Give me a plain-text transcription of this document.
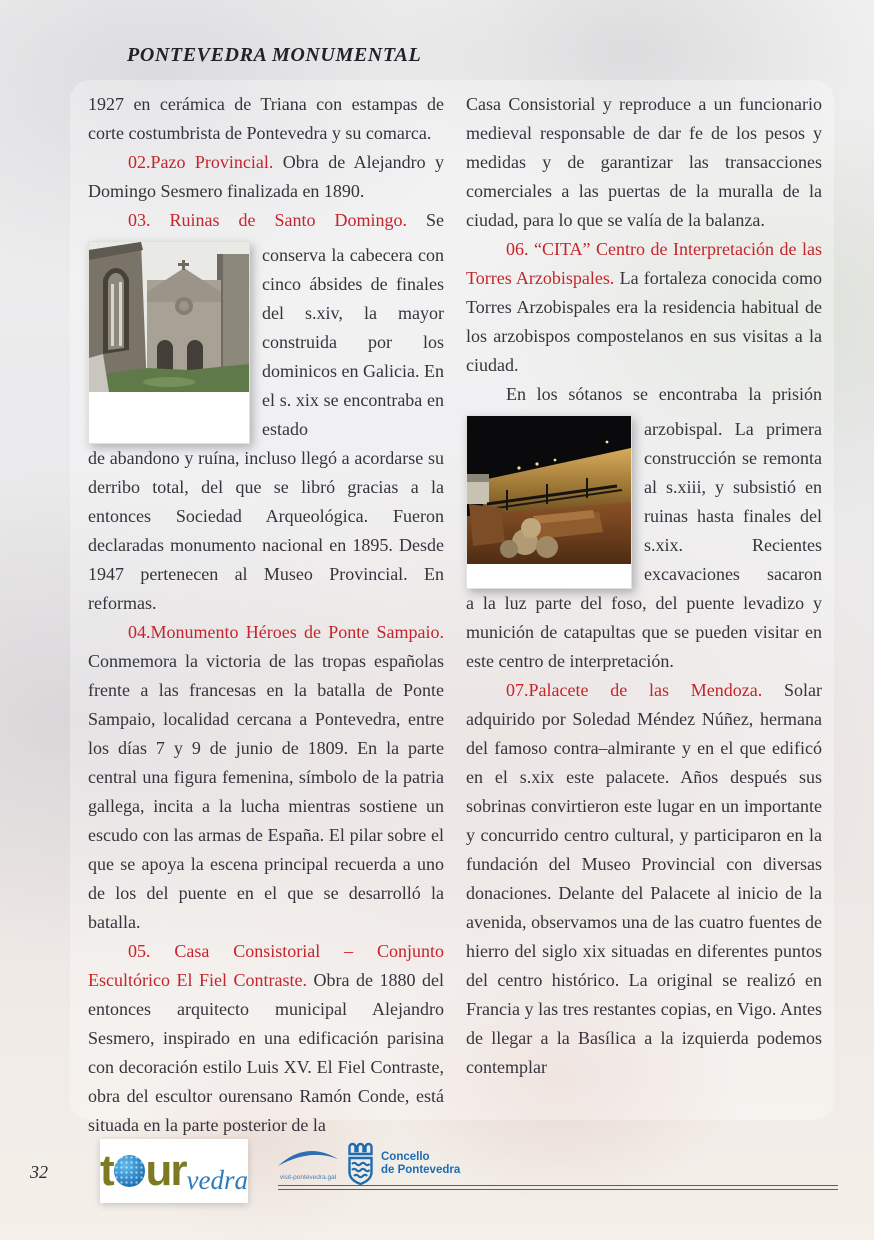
PONTEVEDRA MONUMENTAL

1927 en cerámica de Triana con estampas de corte costumbrista de Pontevedra y su comarca.

02.Pazo Provincial. Obra de Alejandro y Domingo Sesmero finalizada en 1890.

03. Ruinas de Santo Domingo. Se

conserva la cabecera con cinco ábsides de finales del s.xiv, la mayor construida por los dominicos en Galicia. En el s. xix se encontraba en estado

de abandono y ruína, incluso llegó a acordarse su derribo total, del que se libró gracias a la entonces Sociedad Arqueológica. Fueron declaradas monumento nacional en 1895. Desde 1947 pertenecen al Museo Provincial. En reformas.

04.Monumento Héroes de Ponte Sampaio. Conmemora la victoria de las tropas españolas frente a las francesas en la batalla de Ponte Sampaio, localidad cercana a Pontevedra, entre los días 7 y 9 de junio de 1809. En la parte central una figura femenina, símbolo de la patria gallega, incita a la lucha mientras sostiene un escudo con las armas de España. El pilar sobre el que se apoya la escena principal recuerda a uno de los del puente en el que se desarrolló la batalla.

05. Casa Consistorial – Conjunto Escultórico El Fiel Contraste. Obra de 1880 del entonces arquitecto municipal Alejandro Sesmero, inspirado en una edificación parisina con decoración estilo Luis XV. El Fiel Contraste, obra del escultor ourensano Ramón Conde, está situada en la parte posterior de la

Casa Consistorial y reproduce a un funcionario medieval responsable de dar fe de los pesos y medidas y de garantizar las transacciones comerciales a las puertas de la muralla de la ciudad, para lo que se valía de la balanza.

06. “CITA” Centro de Interpretación de las Torres Arzobispales. La fortaleza conocida como Torres Arzobispales era la residencia habitual de los arzobispos compostelanos en sus visitas a la ciudad.

En los sótanos se encontraba la prisión

arzobispal. La primera construcción se remonta al s.xiii, y subsistió en ruinas hasta finales del s.xix. Recientes excavaciones sacaron

a la luz parte del foso, del puente levadizo y munición de catapultas que se pueden visitar en este centro de interpretación.

07.Palacete de las Mendoza. Solar adquirido por Soledad Méndez Núñez, hermana del famoso contra–almirante y en el que edificó en el s.xix este palacete. Años después sus sobrinas convirtieron este lugar en un importante y concurrido centro cultural, y participaron en la fundación del Museo Provincial con diversas donaciones. Delante del Palacete al inicio de la avenida, observamos una de las cuatro fuentes de hierro del siglo xix situadas en diferentes puntos del centro histórico. La original se realizó en Francia y las tres restantes copias, en Vigo. Antes de llegar a la Basílica a la izquierda podemos contemplar

32 t ur vedra	visit-pontevedra.gal
Concello
de Pontevedra
